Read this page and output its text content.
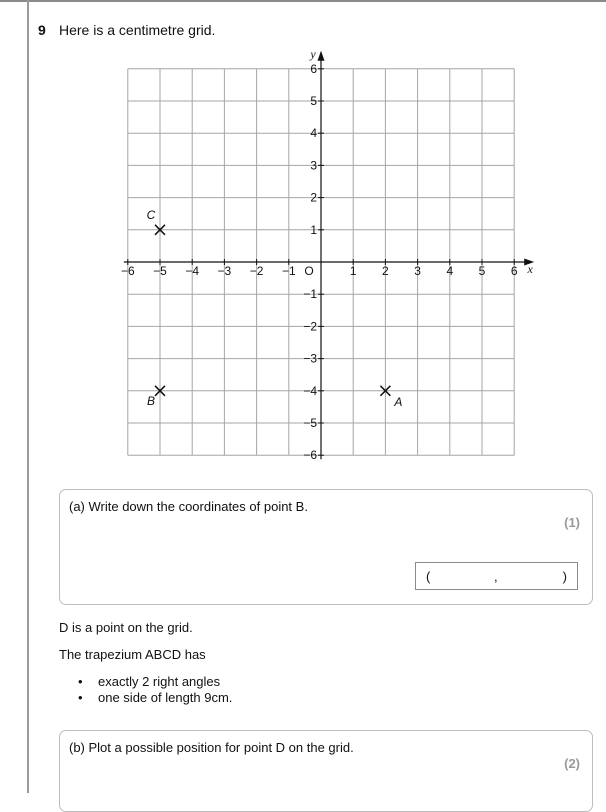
9 Here is a centimetre grid.
−6 −5 −4 −3 −2 −1	1 2 3 4 5 6
−6
−5
−4
−3
−2
−1
1
2
3
4
5
6
O	x
y
A
B
C
(a) Write down the coordinates of point B.
(1)
(	,	)
D is a point on the grid.
The trapezium ABCD has
• exactly 2 right angles
• one side of length 9cm.
(b) Plot a possible position for point D on the grid.
(2)
